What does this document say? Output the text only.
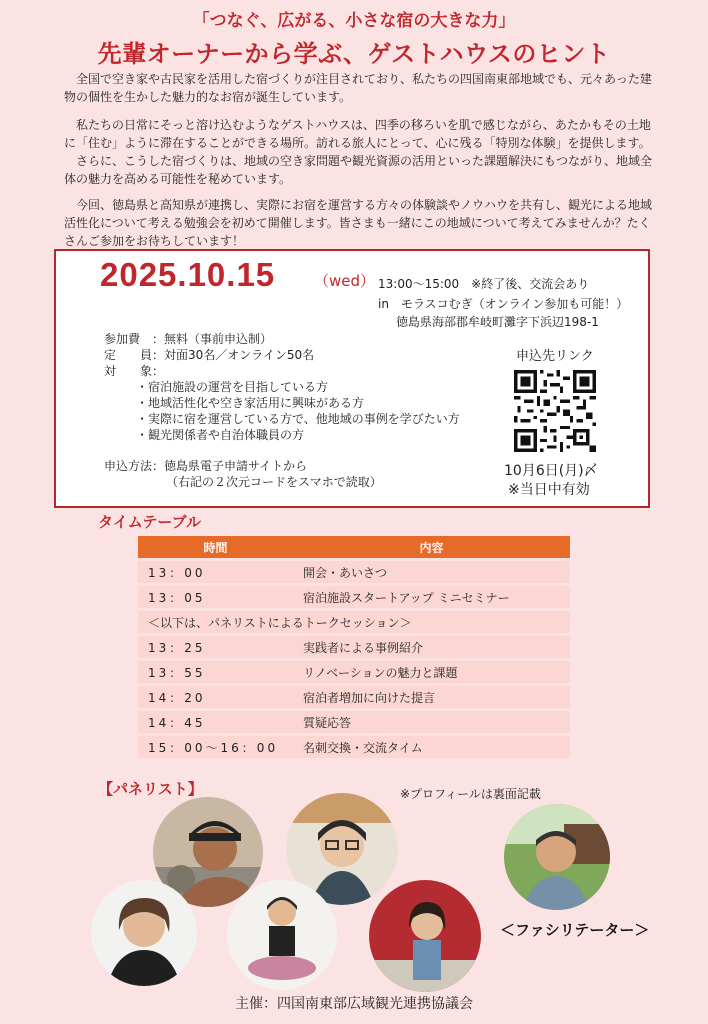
「つなぐ、広がる、小さな宿の大きな力」
先輩オーナーから学ぶ、ゲストハウスのヒント

全国で空き家や古民家を活用した宿づくりが注目されており、私たちの四国南東部地域でも、元々あった建物の個性を生かした魅力的なお宿が誕生しています。

私たちの日常にそっと溶け込むようなゲストハウスは、四季の移ろいを肌で感じながら、あたかもその土地に「住む」ように滞在することができる場所。訪れる旅人にとって、心に残る「特別な体験」を提供します。

さらに、こうした宿づくりは、地域の空き家問題や観光資源の活用といった課題解決にもつながり、地域全体の魅力を高める可能性を秘めています。

今回、徳島県と高知県が連携し、実際にお宿を運営する方々の体験談やノウハウを共有し、観光による地域活性化について考える勉強会を初めて開催します。皆さまも一緒にこの地域について考えてみませんか？たくさんご参加をお待ちしています！

2025.10.15	（wed） 13:00～15:00　※終了後、交流会あり
in　モラスコむぎ（オンライン参加も可能！）
徳島県海部郡牟岐町灘字下浜辺198-1
参加費　：無料（事前申込制）
定　　員：対面30名／オンライン50名
対　　象：
・宿泊施設の運営を目指している方
・地域活性化や空き家活用に興味がある方
・実際に宿を運営している方で、他地域の事例を学びたい方
・観光関係者や自治体職員の方
申込方法：徳島県電子申請サイトから
（右記の２次元コードをスマホで読取）
申込先リンク
10月6日(月)〆
※当日中有効
タイムテーブル
時間	内容
13：00	開会・あいさつ
13：05	宿泊施設スタートアップ ミニセミナー
＜以下は、パネリストによるトークセッション＞	
13：25	実践者による事例紹介
13：55	リノベーションの魅力と課題
14：20	宿泊者増加に向けた提言
14：45	質疑応答
15：00～16：00	名刺交換・交流タイム
【パネリスト】	※プロフィールは裏面記載
＜ファシリテーター＞
主催：四国南東部広域観光連携協議会
